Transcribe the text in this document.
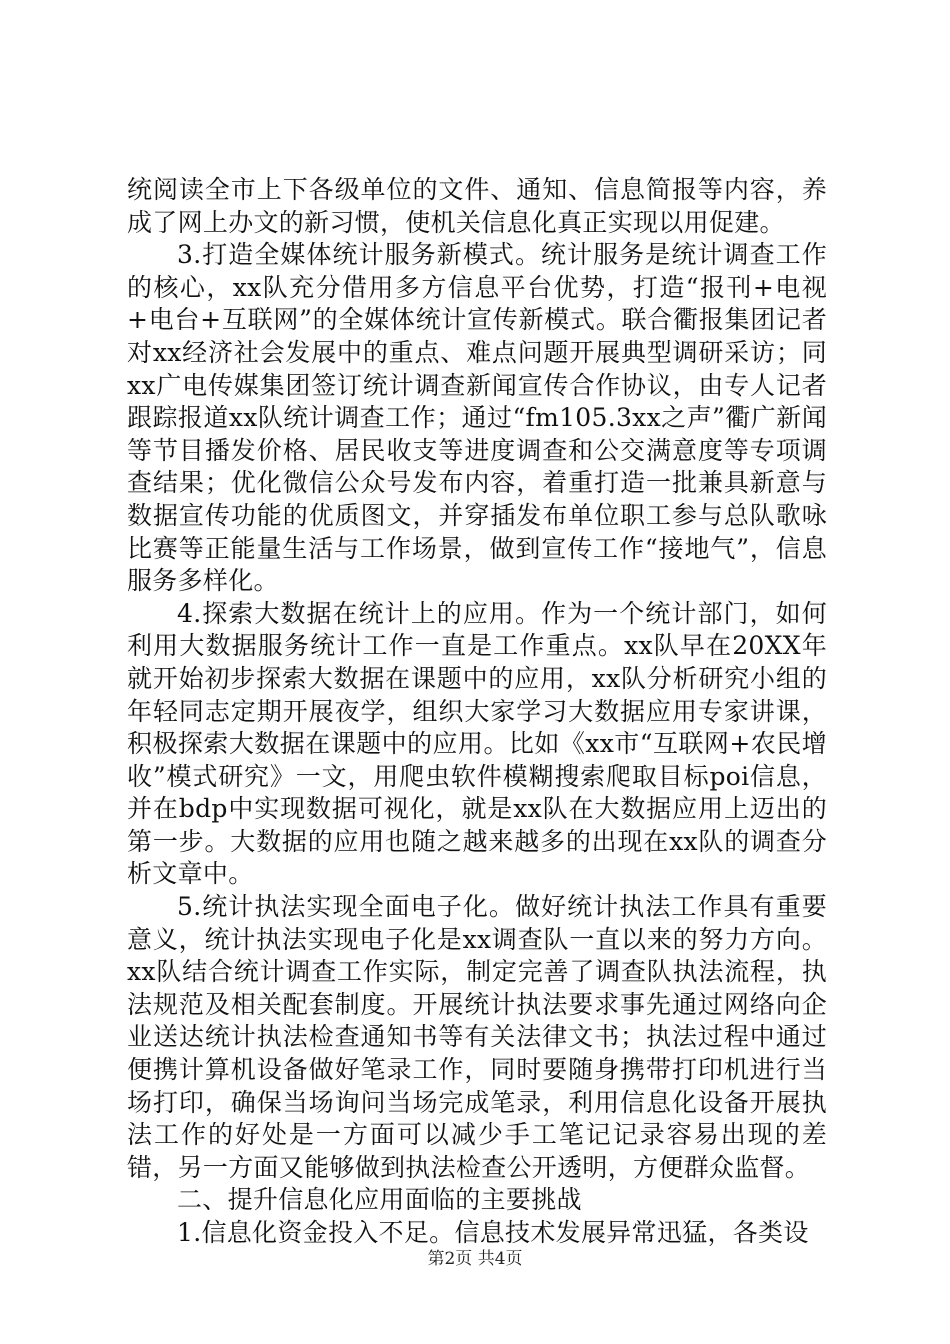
统阅读全市上下各级单位的文件、通知、信息简报等内容，养成了网上办文的新习惯，使机关信息化真正实现以用促建。

3.打造全媒体统计服务新模式。统计服务是统计调查工作的核心，xx队充分借用多方信息平台优势，打造“报刊+电视+电台+互联网”的全媒体统计宣传新模式。联合衢报集团记者对xx经济社会发展中的重点、难点问题开展典型调研采访；同xx广电传媒集团签订统计调查新闻宣传合作协议，由专人记者跟踪报道xx队统计调查工作；通过“fm105.3xx之声”衢广新闻等节目播发价格、居民收支等进度调查和公交满意度等专项调查结果；优化微信公众号发布内容，着重打造一批兼具新意与数据宣传功能的优质图文，并穿插发布单位职工参与总队歌咏比赛等正能量生活与工作场景，做到宣传工作“接地气”，信息服务多样化。

4.探索大数据在统计上的应用。作为一个统计部门，如何利用大数据服务统计工作一直是工作重点。xx队早在20XX年就开始初步探索大数据在课题中的应用，xx队分析研究小组的年轻同志定期开展夜学，组织大家学习大数据应用专家讲课，积极探索大数据在课题中的应用。比如《xx市“互联网+农民增收”模式研究》一文，用爬虫软件模糊搜索爬取目标poi信息，并在bdp中实现数据可视化，就是xx队在大数据应用上迈出的第一步。大数据的应用也随之越来越多的出现在xx队的调查分析文章中。

5.统计执法实现全面电子化。做好统计执法工作具有重要意义，统计执法实现电子化是xx调查队一直以来的努力方向。xx队结合统计调查工作实际，制定完善了调查队执法流程，执法规范及相关配套制度。开展统计执法要求事先通过网络向企业送达统计执法检查通知书等有关法律文书；执法过程中通过便携计算机设备做好笔录工作，同时要随身携带打印机进行当场打印，确保当场询问当场完成笔录，利用信息化设备开展执法工作的好处是一方面可以减少手工笔记记录容易出现的差错，另一方面又能够做到执法检查公开透明，方便群众监督。

二、提升信息化应用面临的主要挑战

1.信息化资金投入不足。信息技术发展异常迅猛，各类设

第2页 共4页
